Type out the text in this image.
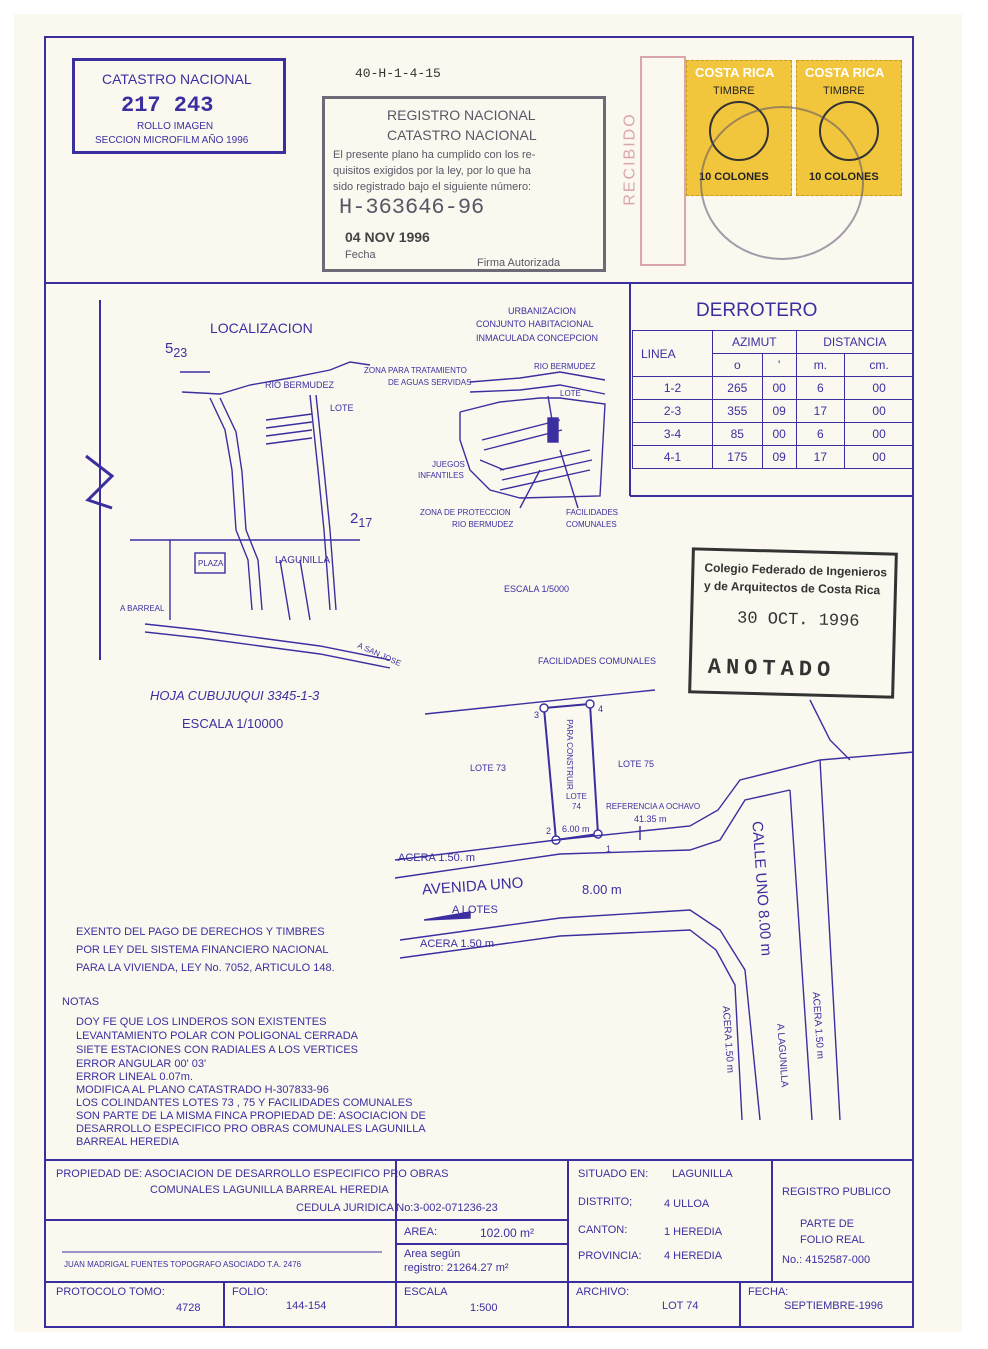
CATASTRO NACIONAL
217 243
ROLLO IMAGEN
SECCION MICROFILM AÑO 1996
40-H-1-4-15
REGISTRO NACIONAL
CATASTRO NACIONAL
El presente plano ha cumplido con los re-
quisitos exigidos por la ley, por lo que ha
sido registrado bajo el siguiente número:
H-363646-96
04 NOV 1996
Fecha
Firma Autorizada
RECIBIDO
COSTA RICA
TIMBRE
10 COLONES
COSTA RICA
TIMBRE
10 COLONES
LOCALIZACION
$5_{23}$
$2_{17}$
RIO BERMUDEZ
LOTE
LAGUNILLA
PLAZA
A BARREAL
A SAN JOSE
HOJA CUBUJUQUI 3345-1-3
ESCALA 1/10000
URBANIZACION
CONJUNTO HABITACIONAL
INMACULADA CONCEPCION
ZONA PARA TRATAMIENTO
DE AGUAS SERVIDAS
RIO BERMUDEZ
LOTE
JUEGOS
INFANTILES
ZONA DE PROTECCION
RIO BERMUDEZ
FACILIDADES
COMUNALES
ESCALA 1/5000
DERROTERO
LINEA	AZIMUT		DISTANCIA	
	o	'	m.	cm.
1-2	265	00	6	00
2-3	355	09	17	00
3-4	85	00	6	00
4-1	175	09	17	00
Colegio Federado de Ingenieros
y de Arquitectos de Costa Rica
30 OCT. 1996
ANOTADO
FACILIDADES COMUNALES
LOTE 73	LOTE 75
PARA CONSTRUIR
LOTE
74	REFERENCIA A OCHAVO
41.35 m
6.00 m
1
2
3
4
ACERA 1.50. m
AVENIDA UNO	8.00 m
A LOTES
ACERA 1.50 m	CALLE UNO 8.00 m
ACERA 1.50 m	ACERA 1.50 m
A LAGUNILLA
EXENTO DEL PAGO DE DERECHOS Y TIMBRES
POR LEY DEL SISTEMA FINANCIERO NACIONAL
PARA LA VIVIENDA, LEY No. 7052, ARTICULO 148.
NOTAS
DOY FE QUE LOS LINDEROS SON EXISTENTES
LEVANTAMIENTO POLAR CON POLIGONAL CERRADA
SIETE ESTACIONES CON RADIALES A LOS VERTICES
ERROR ANGULAR 00' 03'
ERROR LINEAL 0.07m.
MODIFICA AL PLANO CATASTRADO H-307833-96
LOS COLINDANTES LOTES 73 , 75 Y FACILIDADES COMUNALES
SON PARTE DE LA MISMA FINCA PROPIEDAD DE: ASOCIACION DE
DESARROLLO ESPECIFICO PRO OBRAS COMUNALES LAGUNILLA
BARREAL HEREDIA
PROPIEDAD DE: ASOCIACION DE DESARROLLO ESPECIFICO PRO OBRAS
COMUNALES LAGUNILLA BARREAL HEREDIA
CEDULA JURIDICA No:3-002-071236-23
JUAN MADRIGAL FUENTES TOPOGRAFO ASOCIADO T.A. 2476
AREA:	102.00 m²
Area según
registro: 21264.27 m²
SITUADO EN: LAGUNILLA
DISTRITO;	4 ULLOA
CANTON:	1 HEREDIA
PROVINCIA: 4 HEREDIA
REGISTRO PUBLICO
PARTE DE
FOLIO REAL
No.: 4152587-000
PROTOCOLO TOMO:
4728
FOLIO:
144-154
ESCALA
1:500
ARCHIVO:
LOT 74
FECHA:
SEPTIEMBRE-1996
